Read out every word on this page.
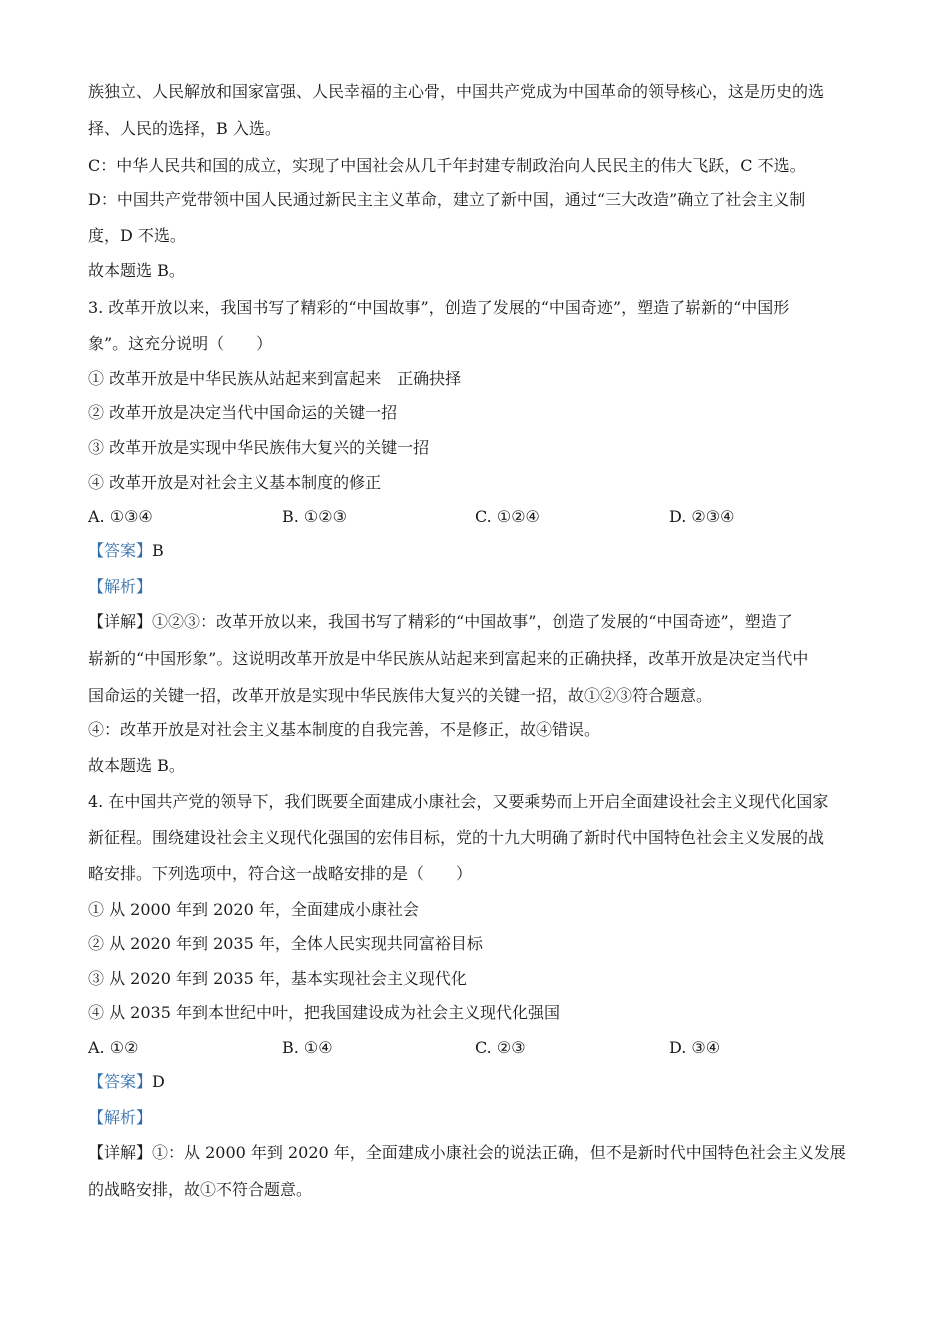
族独立、人民解放和国家富强、人民幸福的主心骨，中国共产党成为中国革命的领导核心，这是历史的选
择、人民的选择，B 入选。
C：中华人民共和国的成立，实现了中国社会从几千年封建专制政治向人民民主的伟大飞跃，C 不选。
D：中国共产党带领中国人民通过新民主主义革命，建立了新中国，通过“三大改造”确立了社会主义制
度，D 不选。
故本题选 B。
3. 改革开放以来，我国书写了精彩的“中国故事”，创造了发展的“中国奇迹”，塑造了崭新的“中国形
象”。这充分说明（　　）
① 改革开放是中华民族从站起来到富起来　正确抉择
② 改革开放是决定当代中国命运的关键一招
③ 改革开放是实现中华民族伟大复兴的关键一招
④ 改革开放是对社会主义基本制度的修正
A. ①③④	B. ①②③	C. ①②④	D. ②③④
【答案】B
【解析】
【详解】①②③：改革开放以来，我国书写了精彩的“中国故事”，创造了发展的“中国奇迹”，塑造了
崭新的“中国形象”。这说明改革开放是中华民族从站起来到富起来的正确抉择，改革开放是决定当代中
国命运的关键一招，改革开放是实现中华民族伟大复兴的关键一招，故①②③符合题意。
④：改革开放是对社会主义基本制度的自我完善，不是修正，故④错误。
故本题选 B。
4. 在中国共产党的领导下，我们既要全面建成小康社会，又要乘势而上开启全面建设社会主义现代化国家
新征程。围绕建设社会主义现代化强国的宏伟目标，党的十九大明确了新时代中国特色社会主义发展的战
略安排。下列选项中，符合这一战略安排的是（　　）
① 从 2000 年到 2020 年，全面建成小康社会
② 从 2020 年到 2035 年，全体人民实现共同富裕目标
③ 从 2020 年到 2035 年，基本实现社会主义现代化
④ 从 2035 年到本世纪中叶，把我国建设成为社会主义现代化强国
A. ①②	B. ①④	C. ②③	D. ③④
【答案】D
【解析】
【详解】①：从 2000 年到 2020 年，全面建成小康社会的说法正确，但不是新时代中国特色社会主义发展
的战略安排，故①不符合题意。
